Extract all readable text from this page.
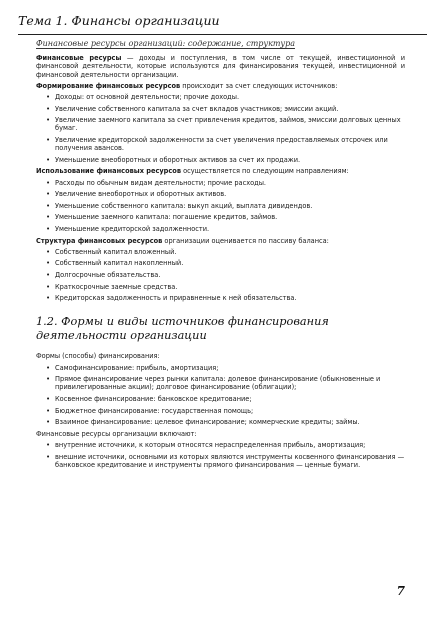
Тема 1. Финансы организации
Финансовые ресурсы организаций: содержание, структура

Финансовые ресурсы — доходы и поступления, в том числе от текущей, инвестиционной и финансовой деятельности, которые используются для финансирования текущей, инвестиционной и финансовой деятельности организации.

Формирование финансовых ресурсов происходит за счет следующих источников:

• Доходы: от основной деятельности; прочие доходы.
• Увеличение собственного капитала за счет вкладов участников; эмиссии акций.
• Увеличение заемного капитала за счет привлечения кредитов, займов, эмиссии долговых ценных бумаг.
• Увеличение кредиторской задолженности за счет увеличения предоставляемых отсрочек или получения авансов.
• Уменьшение внеоборотных и оборотных активов за счет их продажи.

Использование финансовых ресурсов осуществляется по следующим направлениям:

• Расходы по обычным видам деятельности; прочие расходы.
• Увеличение внеоборотных и оборотных активов.
• Уменьшение собственного капитала: выкуп акций, выплата дивидендов.
• Уменьшение заемного капитала: погашение кредитов, займов.
• Уменьшение кредиторской задолженности.

Структура финансовых ресурсов организации оценивается по пассиву баланса:

• Собственный капитал вложенный.
• Собственный капитал накопленный.
• Долгосрочные обязательства.
• Краткосрочные заемные средства.
• Кредиторская задолженность и приравненные к ней обязательства.
1.2. Формы и виды источников финансирования деятельности организации

Формы (способы) финансирования:

• Самофинансирование: прибыль, амортизация;
• Прямое финансирование через рынки капитала: долевое финансирование (обыкновенные и привилегированные акции); долговое финансирование (облигации);
• Косвенное финансирование: банковское кредитование;
• Бюджетное финансирование: государственная помощь;
• Взаимное финансирование: целевое финансирование; коммерческие кредиты; займы.

Финансовые ресурсы организации включают:

• внутренние источники, к которым относятся нераспределенная прибыль, амортизация;
• внешние источники, основными из которых являются инструменты косвенного финансирования — банковское кредитование и инструменты прямого финансирования — ценные бумаги.
7
